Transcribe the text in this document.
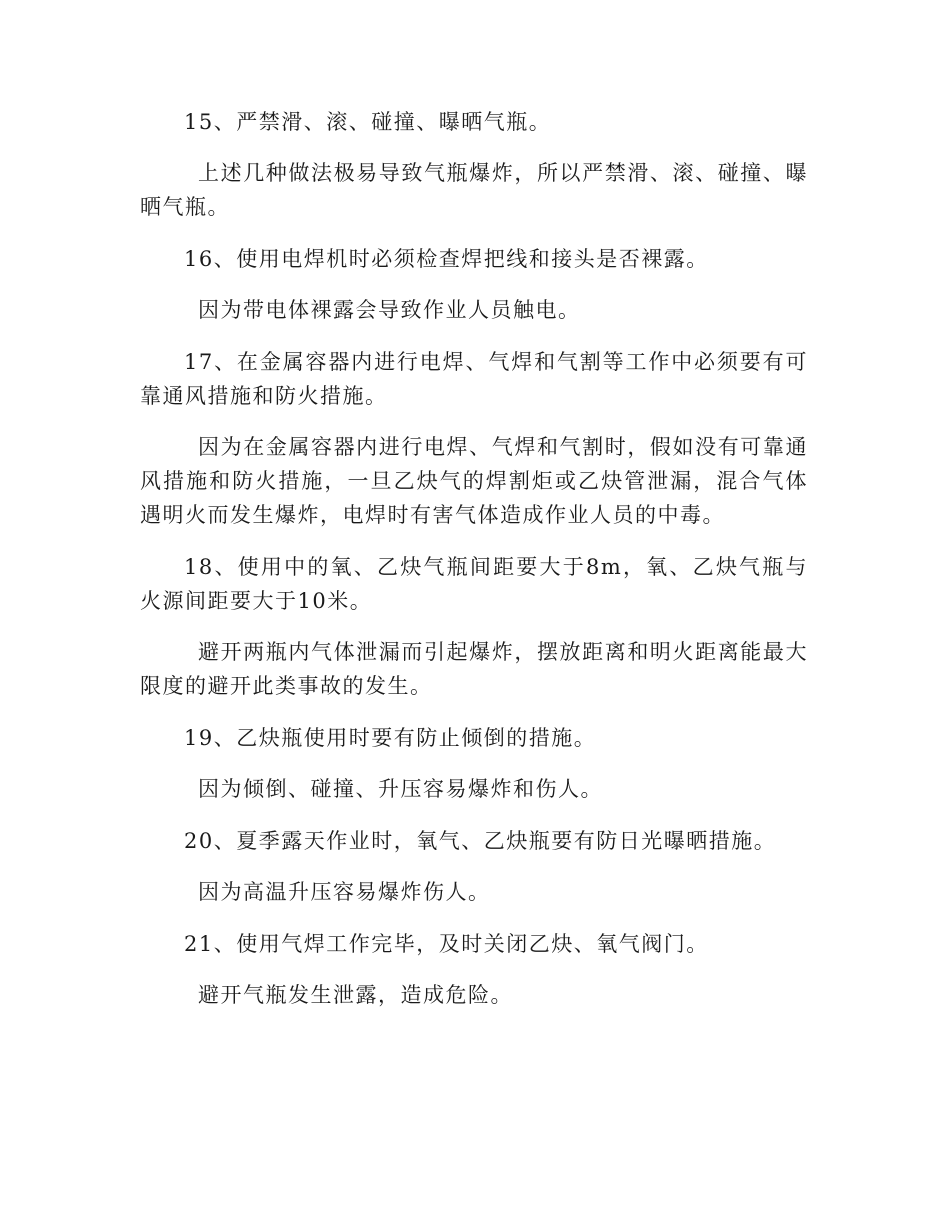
15、严禁滑、滚、碰撞、曝晒气瓶。

上述几种做法极易导致气瓶爆炸，所以严禁滑、滚、碰撞、曝晒气瓶。

16、使用电焊机时必须检查焊把线和接头是否裸露。

因为带电体裸露会导致作业人员触电。

17、在金属容器内进行电焊、气焊和气割等工作中必须要有可靠通风措施和防火措施。

因为在金属容器内进行电焊、气焊和气割时，假如没有可靠通风措施和防火措施，一旦乙炔气的焊割炬或乙炔管泄漏，混合气体遇明火而发生爆炸，电焊时有害气体造成作业人员的中毒。

18、使用中的氧、乙炔气瓶间距要大于8m，氧、乙炔气瓶与火源间距要大于10米。

避开两瓶内气体泄漏而引起爆炸，摆放距离和明火距离能最大限度的避开此类事故的发生。

19、乙炔瓶使用时要有防止倾倒的措施。

因为倾倒、碰撞、升压容易爆炸和伤人。

20、夏季露天作业时，氧气、乙炔瓶要有防日光曝晒措施。

因为高温升压容易爆炸伤人。

21、使用气焊工作完毕，及时关闭乙炔、氧气阀门。

避开气瓶发生泄露，造成危险。
